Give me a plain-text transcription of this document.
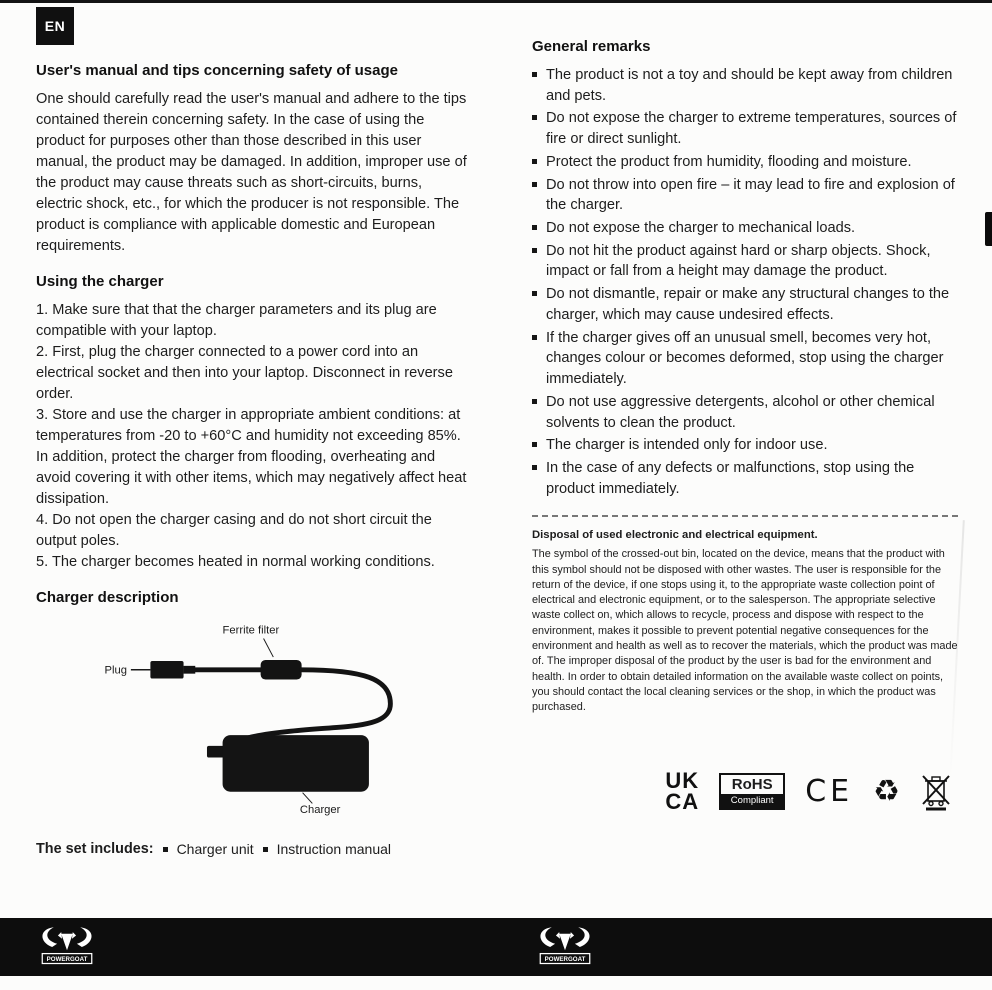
EN
User's manual and tips concerning safety of usage

One should carefully read the user's manual and adhere to the tips contained therein concerning safety. In the case of using the product for purposes other than those described in this user manual, the product may be damaged. In addition, improper use of the product may cause threats such as short-circuits, burns, electric shock, etc., for which the producer is not responsible. The product is compliance with applicable domestic and European requirements.

Using the charger

1. Make sure that that the charger parameters and its plug are compatible with your laptop.

2. First, plug the charger connected to a power cord into an electrical socket and then into your laptop. Disconnect in reverse order.

3. Store and use the charger in appropriate ambient conditions: at temperatures from -20 to +60°C and humidity not exceeding 85%. In addition, protect the charger from flooding, overheating and avoid covering it with other items, which may negatively affect heat dissipation.

4. Do not open the charger casing and do not short circuit the output poles.

5. The charger becomes heated in normal working conditions.

Charger description
Ferrite filter
Plug
Charger
The set includes: Charger unit Instruction manual
General remarks
The product is not a toy and should be kept away from children and pets.
Do not expose the charger to extreme temperatures, sources of fire or direct sunlight.
Protect the product from humidity, flooding and moisture.
Do not throw into open fire – it may lead to fire and explosion of the charger.
Do not expose the charger to mechanical loads.
Do not hit the product against hard or sharp objects. Shock, impact or fall from a height may damage the product.
Do not dismantle, repair or make any structural changes to the charger, which may cause undesired effects.
If the charger gives off an unusual smell, becomes very hot, changes colour or becomes deformed, stop using the charger immediately.
Do not use aggressive detergents, alcohol or other chemical solvents to clean the product.
The charger is intended only for indoor use.
In the case of any defects or malfunctions, stop using the product immediately.

Disposal of used electronic and electrical equipment.

The symbol of the crossed-out bin, located on the device, means that the product with this symbol should not be disposed with other wastes. The user is responsible for the return of the device, if one stops using it, to the appropriate waste collection point of electrical and electronic equipment, or to the salesperson. The appropriate selective waste collect on, which allows to recycle, process and dispose with respect to the environment, makes it possible to prevent potential negative consequences for the environment and health as well as to recover the materials, which the product was made of. The improper disposal of the product by the user is bad for the environment and health. In order to obtain detailed information on the available waste collect on points, you should contact the local cleaning services or the shop, in which the product was purchased.

UK
CA
RoHS
Compliant	CE ♻
POWERGOAT	POWERGOAT
